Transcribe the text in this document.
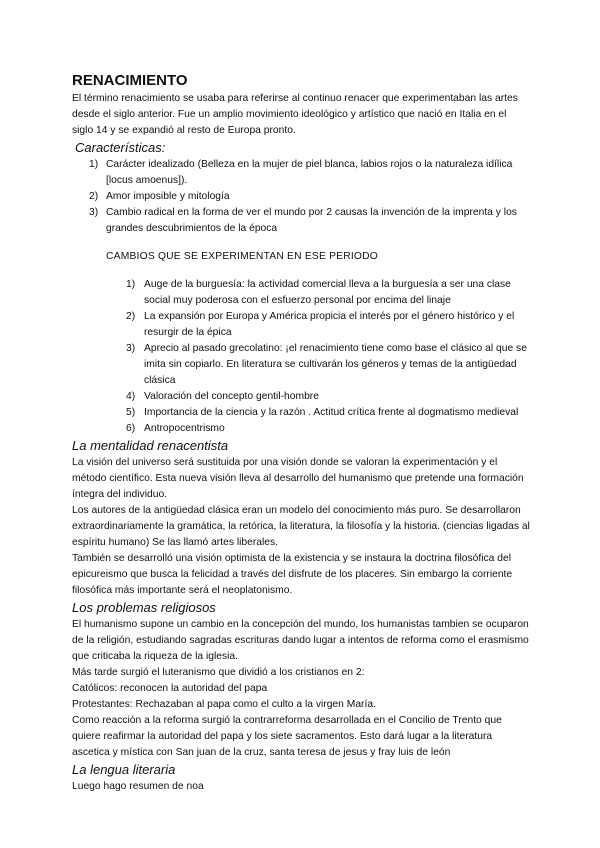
RENACIMIENTO

El término renacimiento se usaba para referirse al continuo renacer que experimentaban las artes desde el siglo anterior. Fue un amplio movimiento ideológico y artístico que nació en Italia en el siglo 14 y se expandió al resto de Europa pronto.

Características:

1) Carácter idealizado (Belleza en la mujer de piel blanca, labios rojos o la naturaleza idílica [locus amoenus]).
2) Amor imposible y mitología
3) Cambio radical en la forma de ver el mundo por 2 causas la invención de la imprenta y los grandes descubrimientos de la época

CAMBIOS QUE SE EXPERIMENTAN EN ESE PERIODO

1) Auge de la burguesía: la actividad comercial lleva a la burguesía a ser una clase social muy poderosa con el esfuerzo personal por encima del linaje
2) La expansión por Europa y América propicia el interés por el género histórico y el resurgir de la épica
3) Aprecio al pasado grecolatino: ¡el renacimiento tiene como base el clásico al que se imita sin copiarlo. En literatura se cultivarán los géneros y temas de la antigüedad clásica
4) Valoración del concepto gentil-hombre
5) Importancia de la ciencia y la razón . Actitud crítica frente al dogmatismo medieval
6) Antropocentrismo

La mentalidad renacentista

La visión del universo será sustituida por una visión donde se valoran la experimentación y el método científico. Esta nueva visión lleva al desarrollo del humanismo que pretende una formación íntegra del individuo.

Los autores de la antigüedad clásica eran un modelo del conocimiento más puro. Se desarrollaron extraordinariamente la gramática, la retórica, la literatura, la filosofía y la historia. (ciencias ligadas al espíritu humano) Se las llamó artes liberales.

También se desarrolló una visión optimista de la existencia y se instaura la doctrina filosófica del epicureismo que busca la felicidad a través del disfrute de los placeres. Sin embargo la corriente filosófica más importante será el neoplatonismo.

Los problemas religiosos

El humanismo supone un cambio en la concepción del mundo, los humanistas tambien se ocuparon de la religión, estudiando sagradas escrituras dando lugar a intentos de reforma como el erasmismo que criticaba la riqueza de la iglesia.

Más tarde surgió el luteranismo que dividió a los cristianos en 2:

Católicos: reconocen la autoridad del papa

Protestantes: Rechazaban al papa como el culto a la virgen María.

Como reacción a la reforma surgió la contrarreforma desarrollada en el Concilio de Trento que quiere reafirmar la autoridad del papa y los siete sacramentos. Esto dará lugar a la literatura ascetica y mística con San juan de la cruz, santa teresa de jesus y fray luis de león

La lengua literaria

Luego hago resumen de noa
